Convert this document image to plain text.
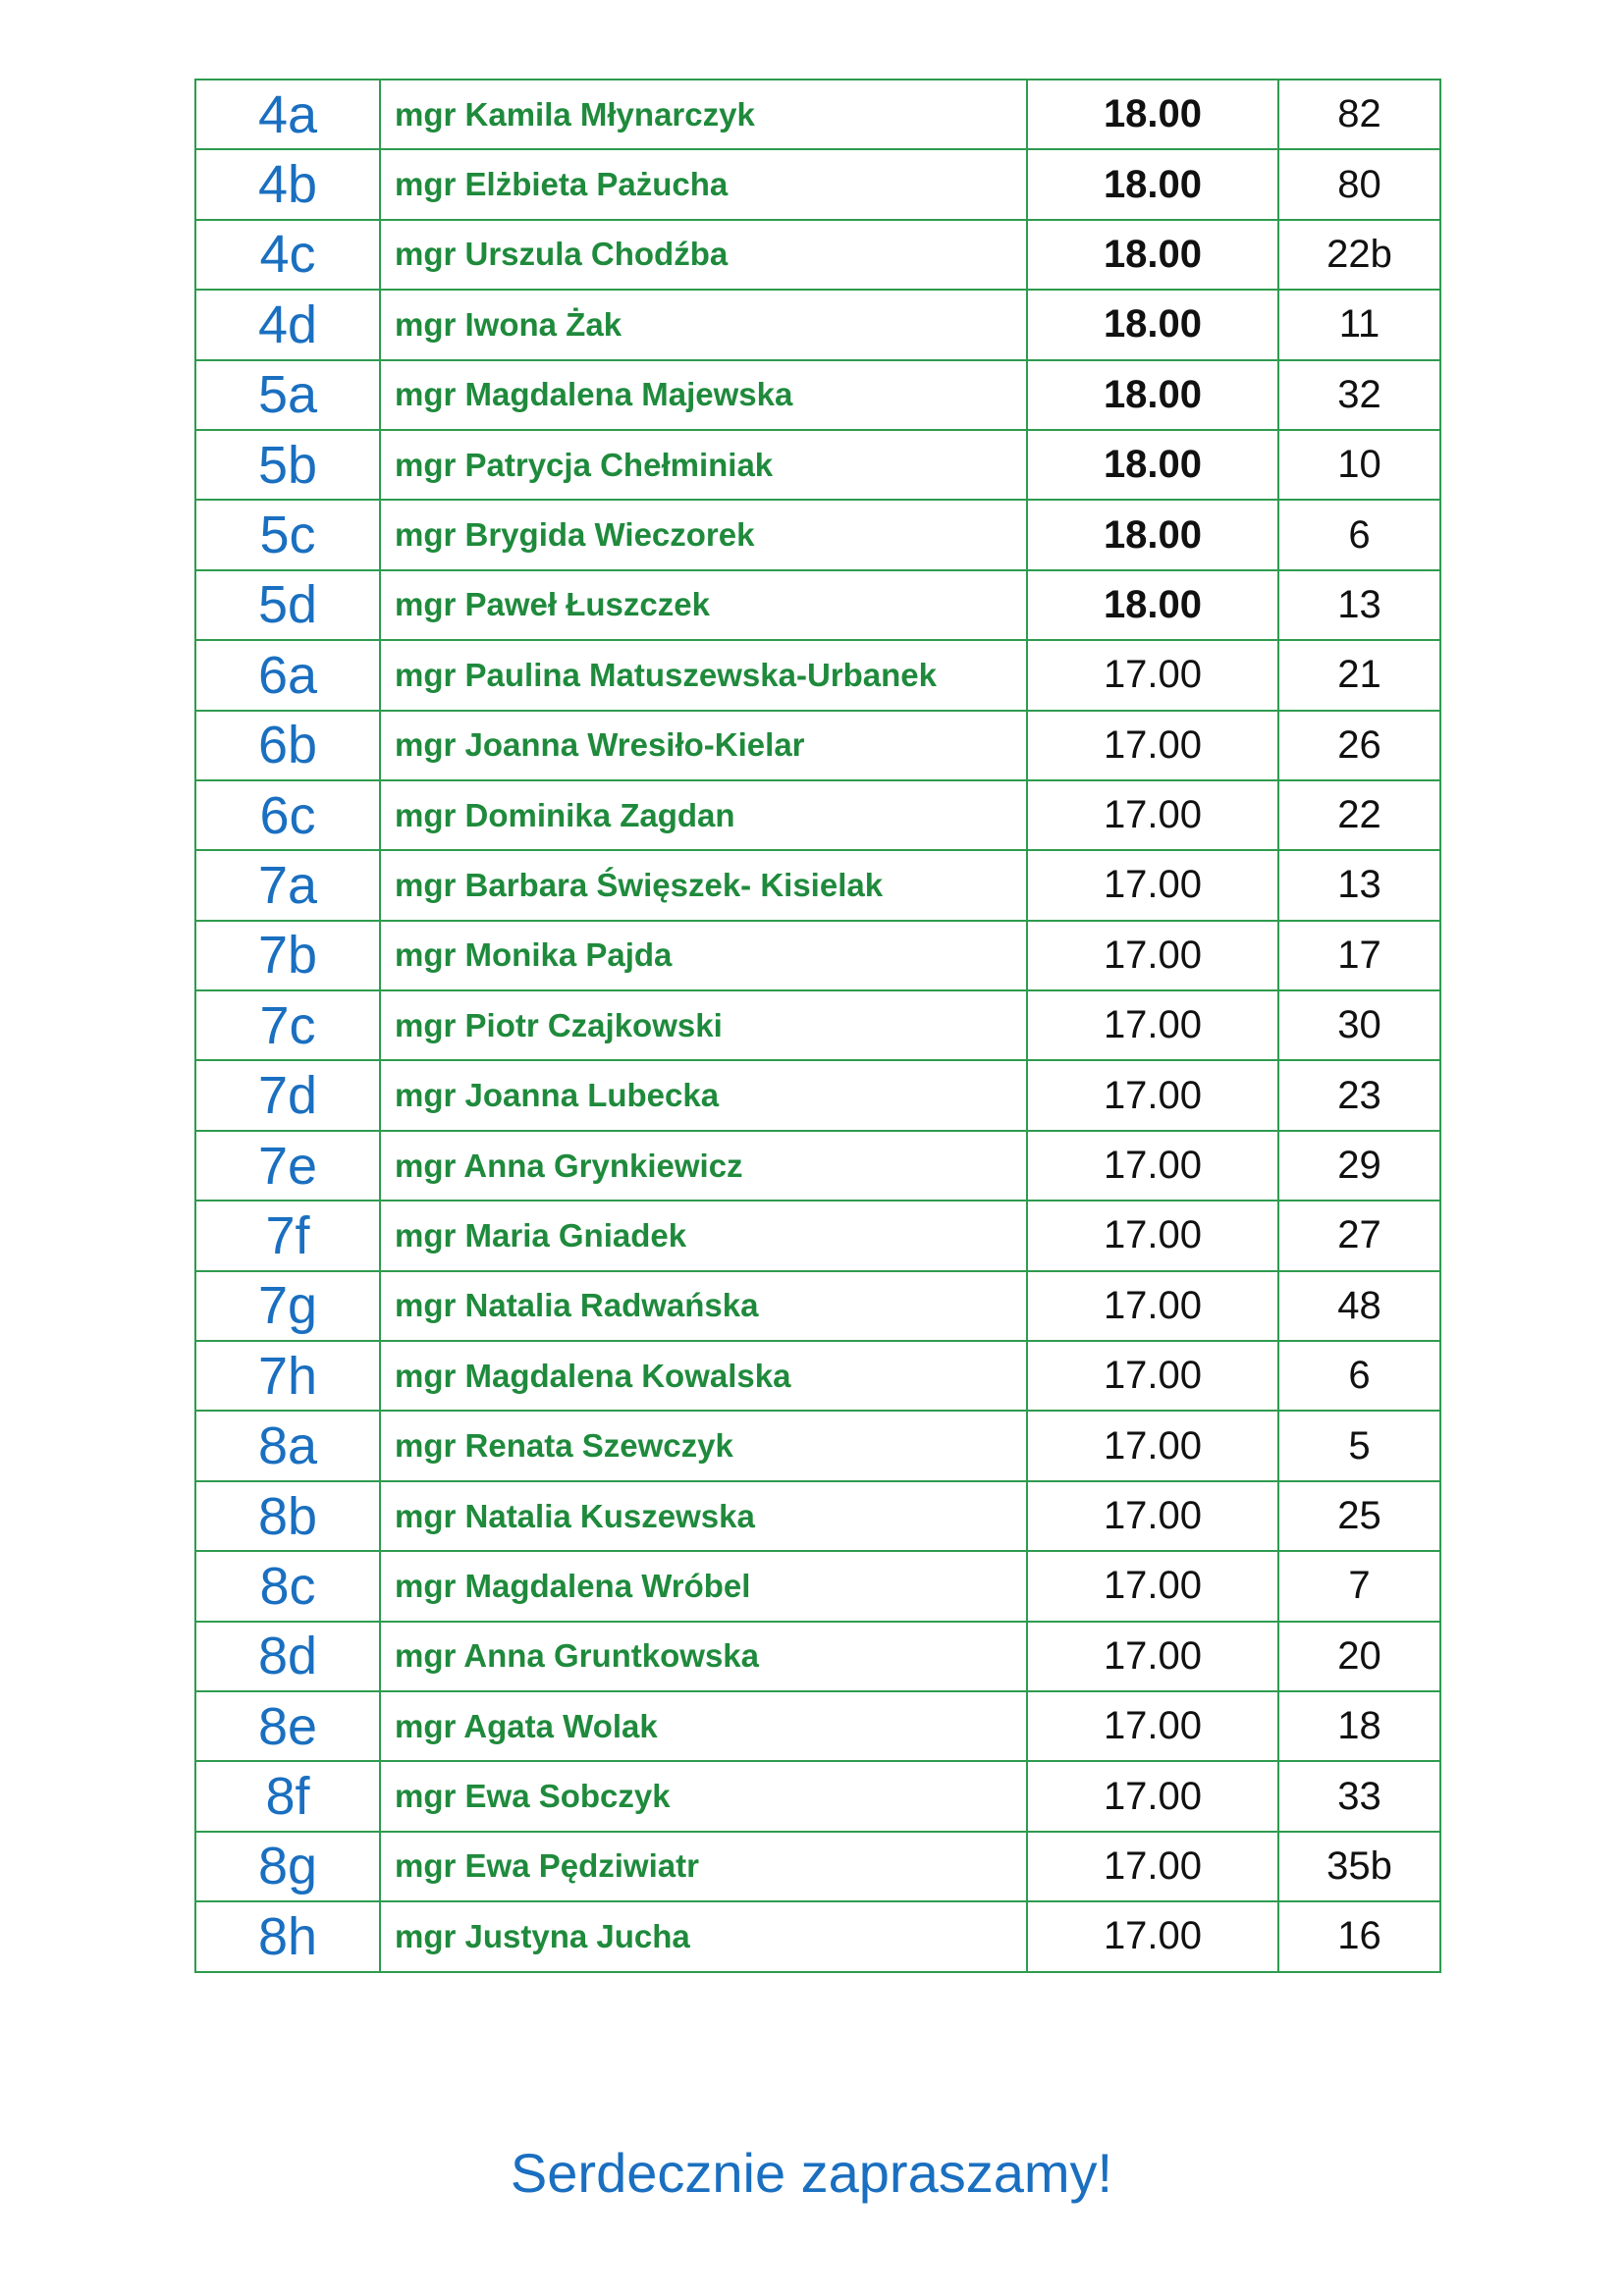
4a	mgr Kamila Młynarczyk	18.00	82
4b	mgr Elżbieta Pażucha	18.00	80
4c	mgr Urszula Chodźba	18.00	22b
4d	mgr Iwona Żak	18.00	11
5a	mgr Magdalena Majewska	18.00	32
5b	mgr Patrycja Chełminiak	18.00	10
5c	mgr Brygida Wieczorek	18.00	6
5d	mgr Paweł Łuszczek	18.00	13
6a	mgr Paulina Matuszewska-Urbanek	17.00	21
6b	mgr Joanna Wresiło-Kielar	17.00	26
6c	mgr Dominika Zagdan	17.00	22
7a	mgr Barbara Święszek- Kisielak	17.00	13
7b	mgr Monika Pajda	17.00	17
7c	mgr Piotr Czajkowski	17.00	30
7d	mgr Joanna Lubecka	17.00	23
7e	mgr Anna Grynkiewicz	17.00	29
7f	mgr Maria Gniadek	17.00	27
7g	mgr Natalia Radwańska	17.00	48
7h	mgr Magdalena Kowalska	17.00	6
8a	mgr Renata Szewczyk	17.00	5
8b	mgr Natalia Kuszewska	17.00	25
8c	mgr Magdalena Wróbel	17.00	7
8d	mgr Anna Gruntkowska	17.00	20
8e	mgr Agata Wolak	17.00	18
8f	mgr Ewa Sobczyk	17.00	33
8g	mgr Ewa Pędziwiatr	17.00	35b
8h	mgr Justyna Jucha	17.00	16
Serdecznie zapraszamy!
